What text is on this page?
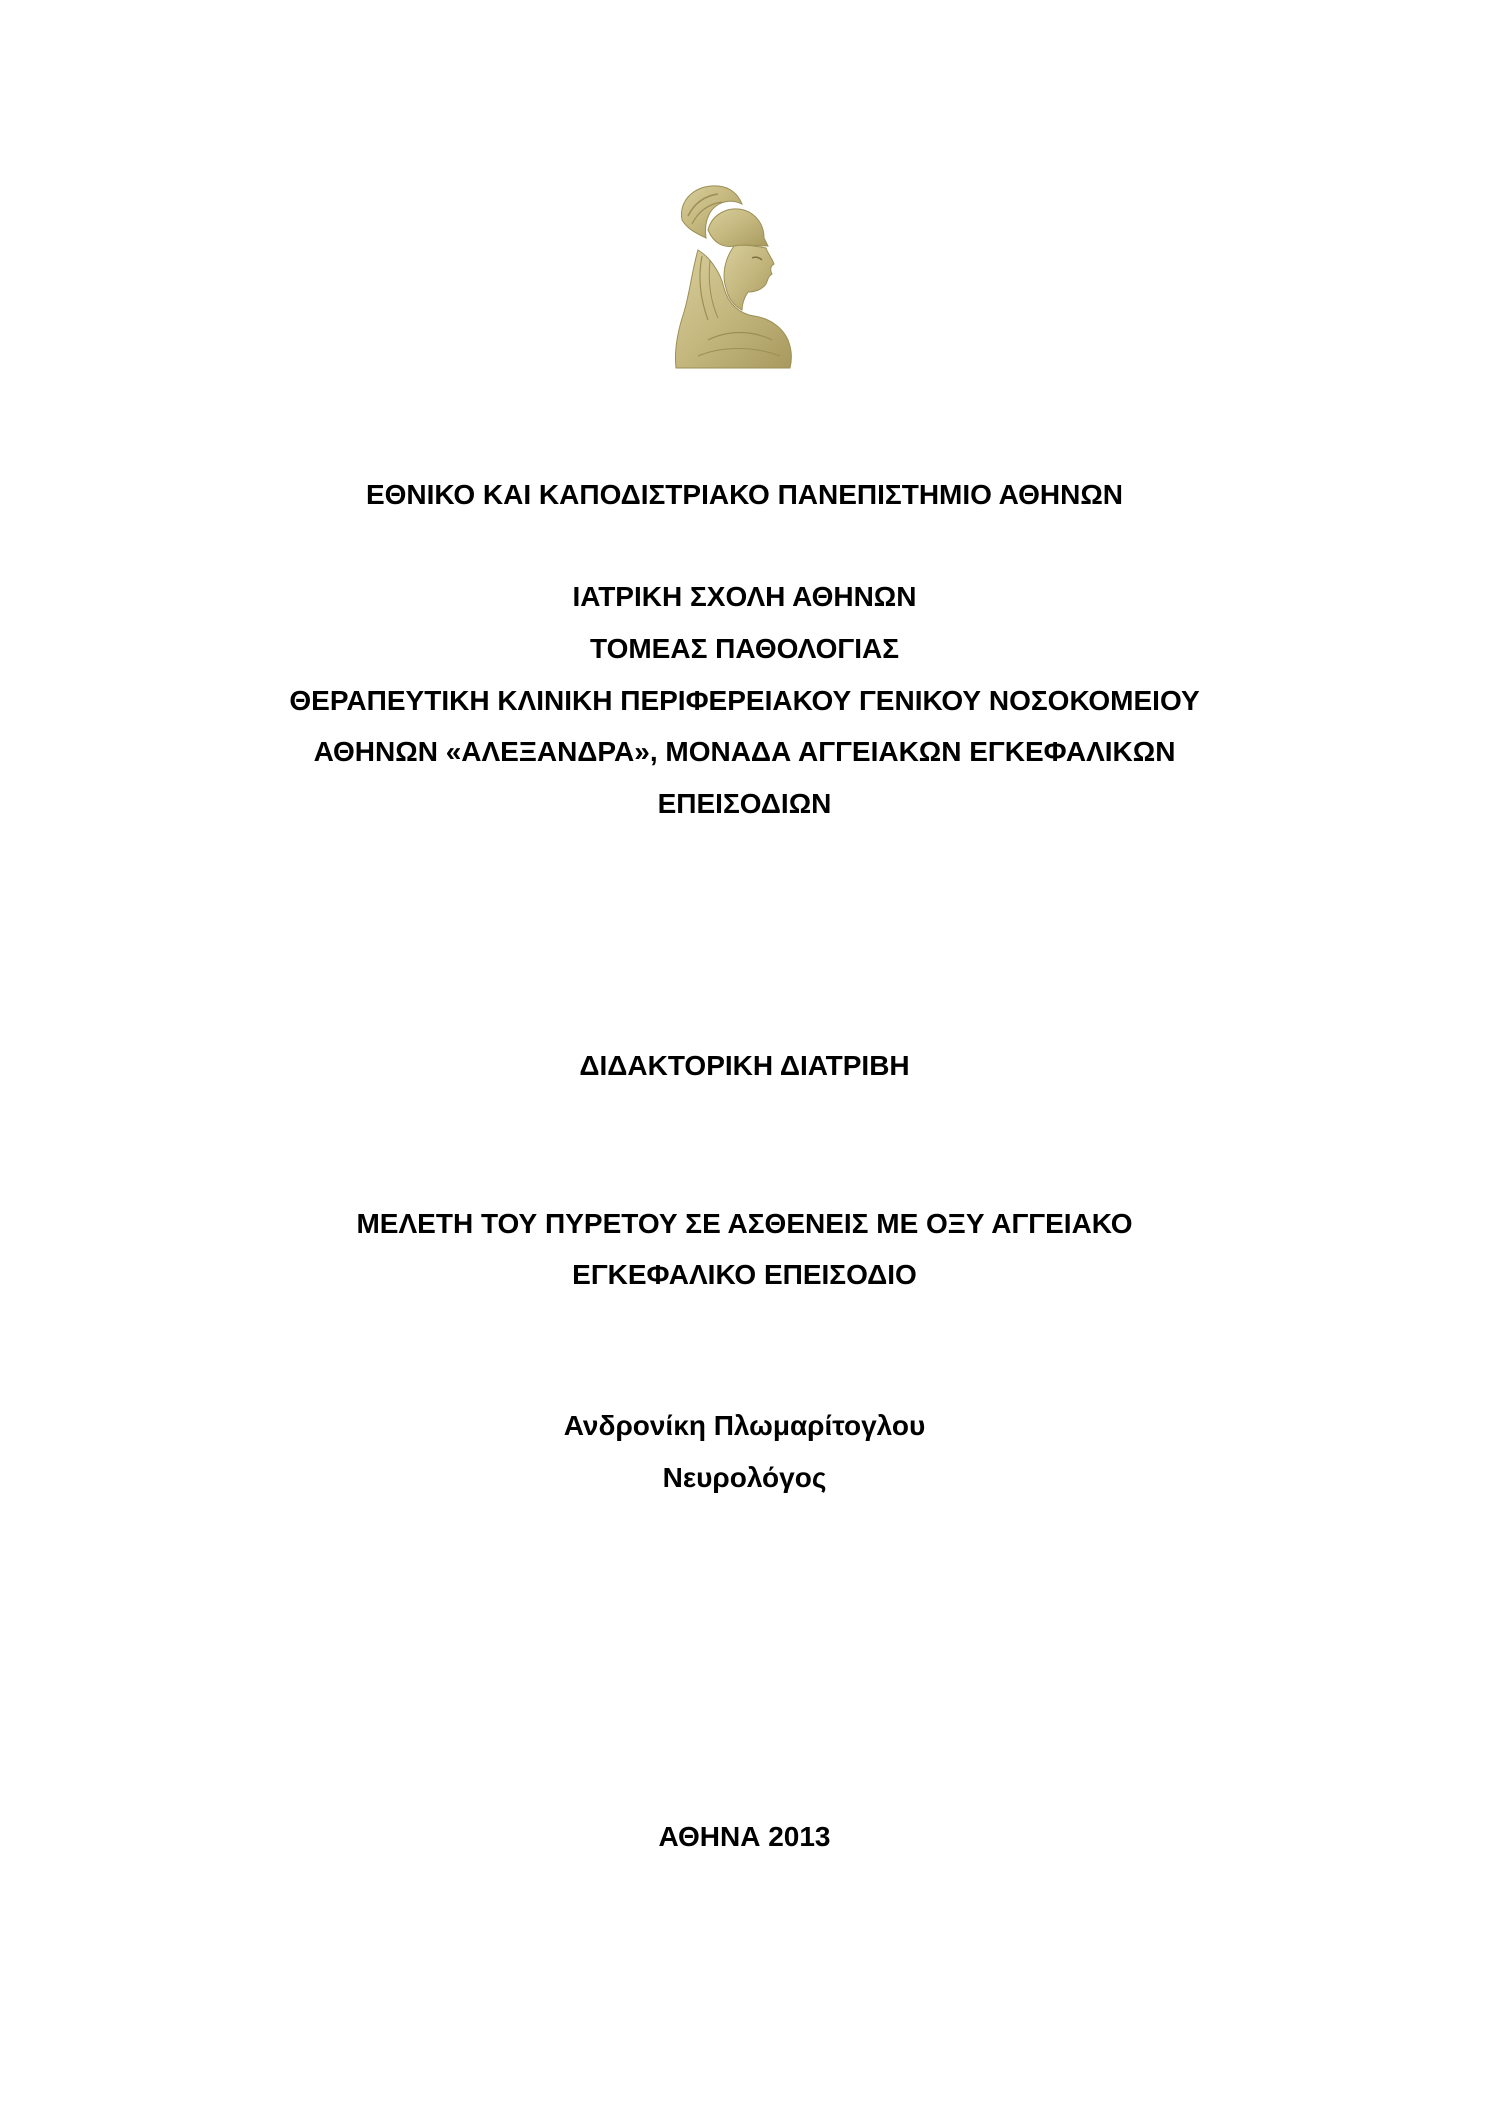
ΕΘΝΙΚΟ ΚΑΙ ΚΑΠΟΔΙΣΤΡΙΑΚΟ ΠΑΝΕΠΙΣΤΗΜΙΟ ΑΘΗΝΩΝ
ΙΑΤΡΙΚΗ ΣΧΟΛΗ ΑΘΗΝΩΝ
ΤΟΜΕΑΣ ΠΑΘΟΛΟΓΙΑΣ
ΘΕΡΑΠΕΥΤΙΚΗ ΚΛΙΝΙΚΗ ΠΕΡΙΦΕΡΕΙΑΚΟΥ ΓΕΝΙΚΟΥ ΝΟΣΟΚΟΜΕΙΟΥ
ΑΘΗΝΩΝ «ΑΛΕΞΑΝΔΡΑ», ΜΟΝΑΔΑ ΑΓΓΕΙΑΚΩΝ ΕΓΚΕΦΑΛΙΚΩΝ
ΕΠΕΙΣΟΔΙΩΝ
ΔΙΔΑΚΤΟΡΙΚΗ ΔΙΑΤΡΙΒΗ
ΜΕΛΕΤΗ ΤΟΥ ΠΥΡΕΤΟΥ ΣΕ ΑΣΘΕΝΕΙΣ ΜΕ ΟΞΥ ΑΓΓΕΙΑΚΟ
ΕΓΚΕΦΑΛΙΚΟ ΕΠΕΙΣΟΔΙΟ
Ανδρονίκη Πλωμαρίτογλου
Νευρολόγος
ΑΘΗΝΑ 2013
